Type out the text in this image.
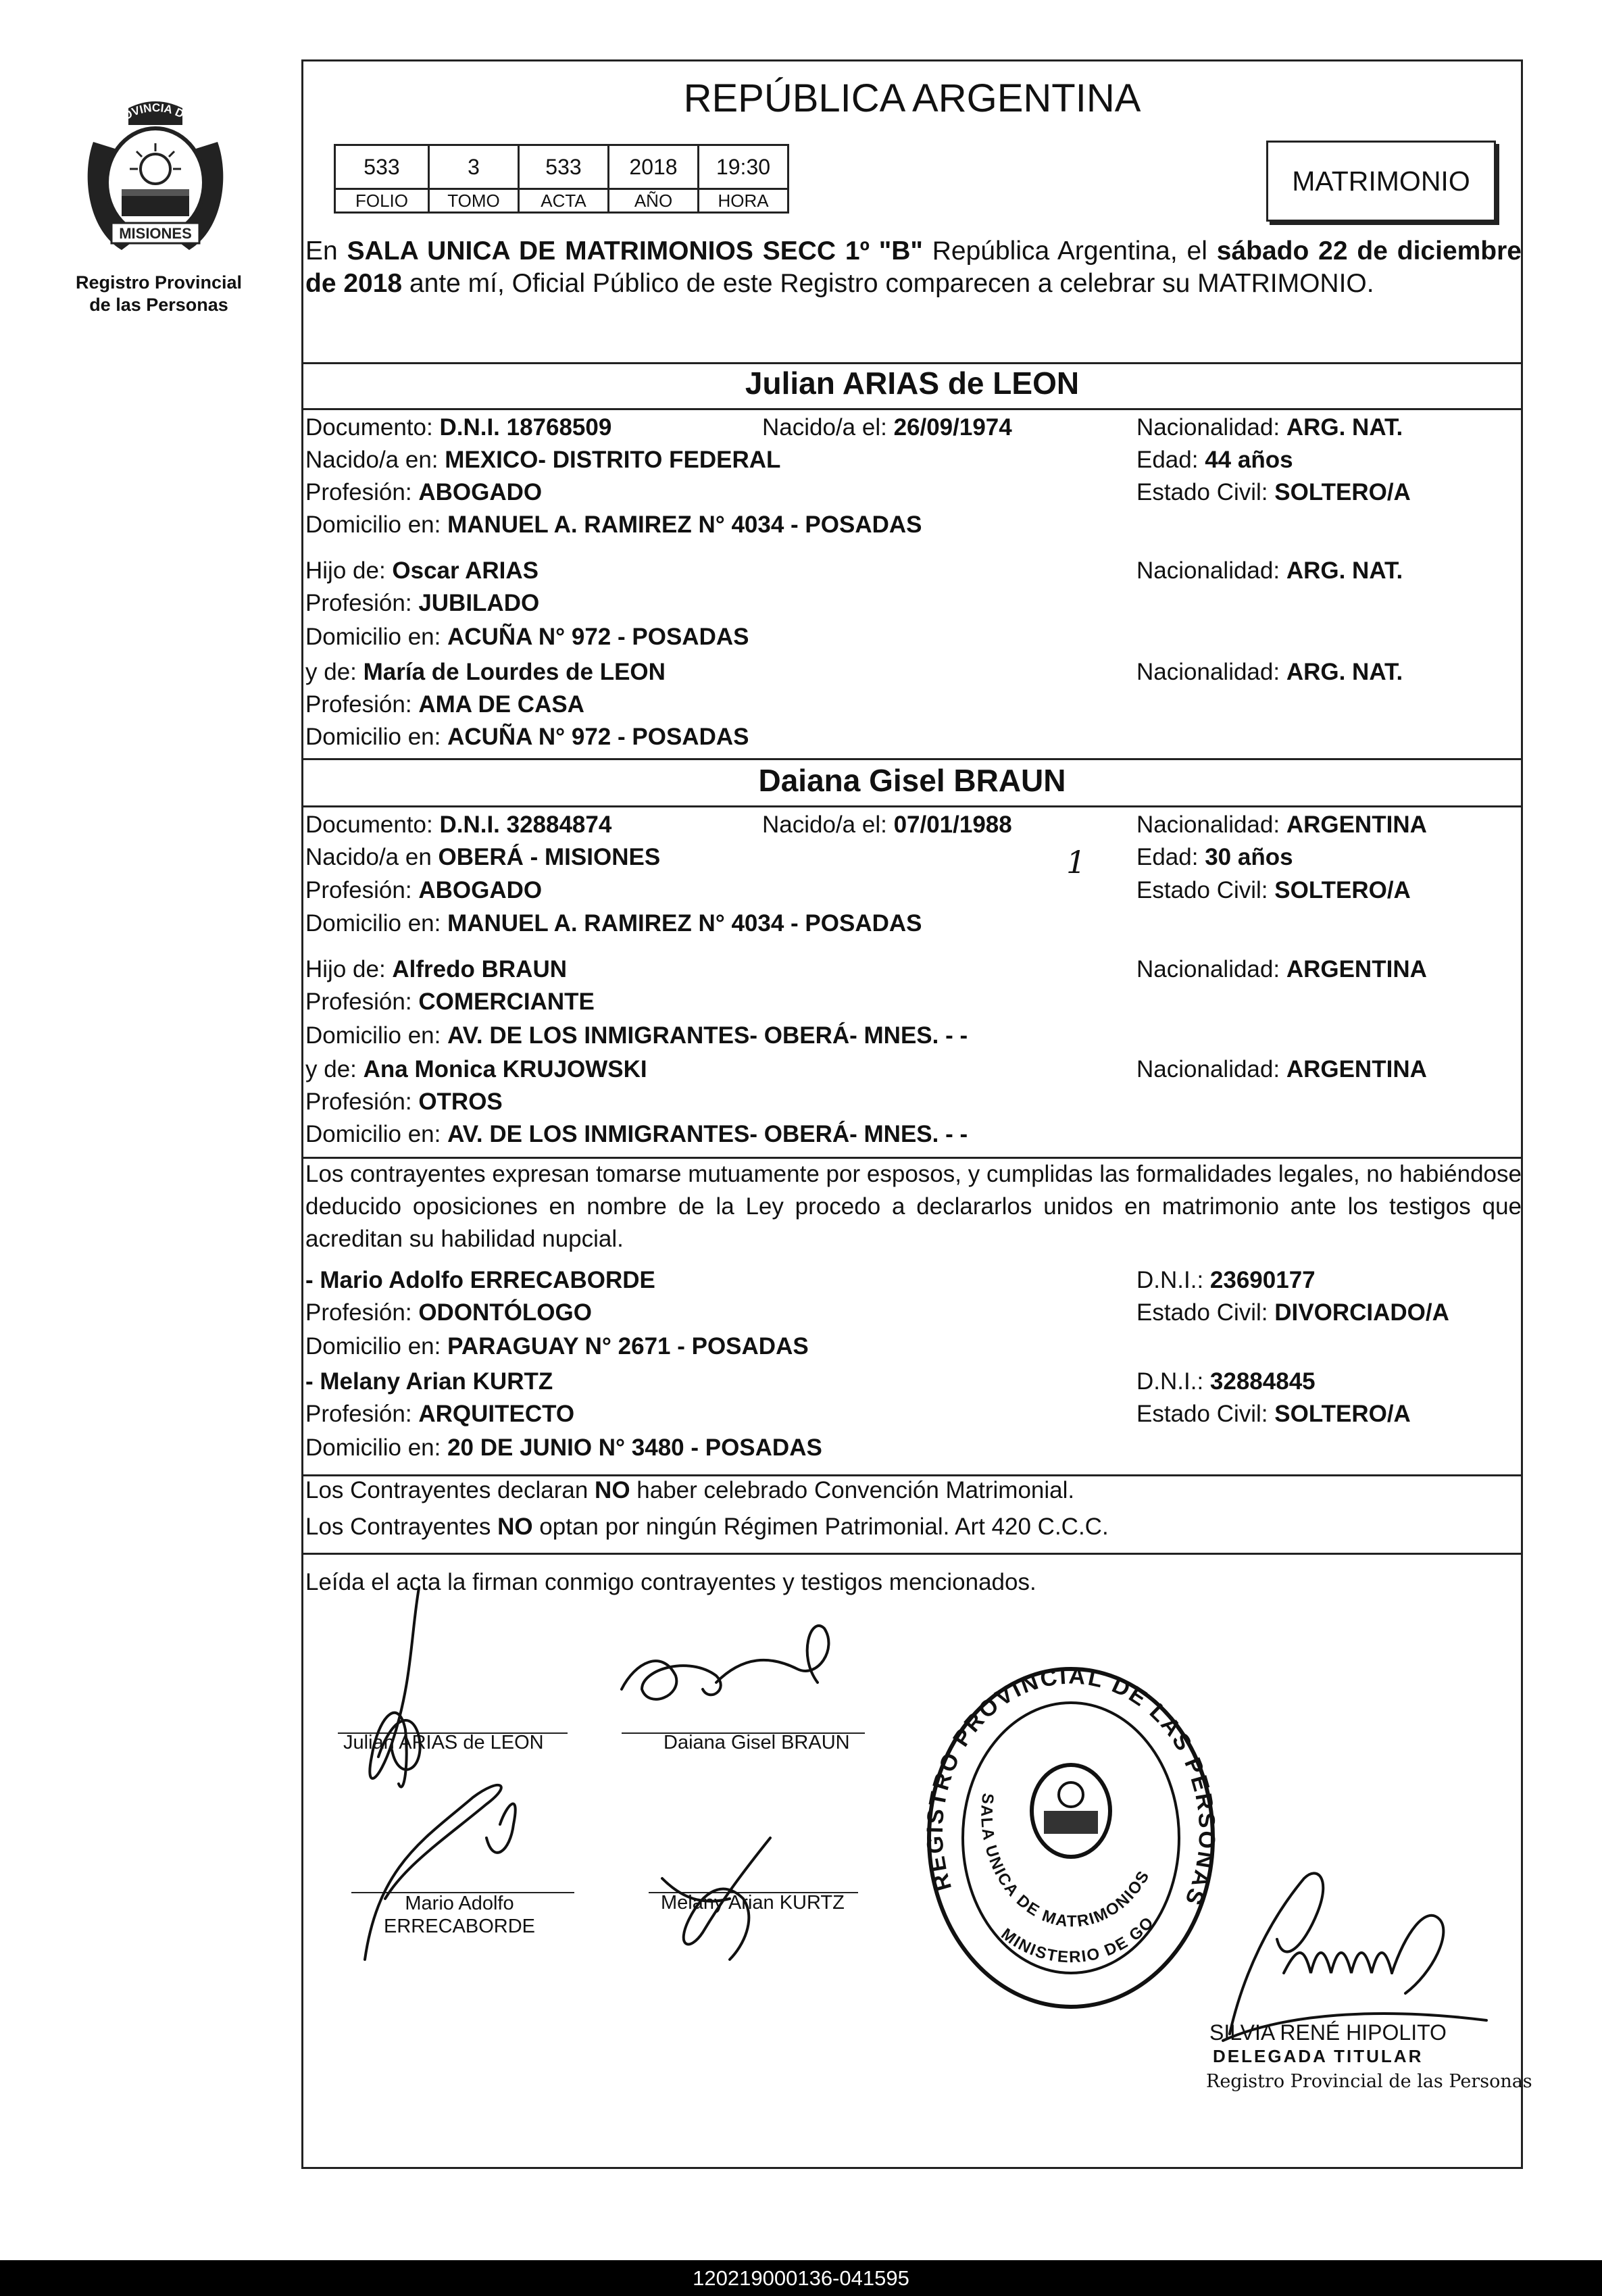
PROVINCIA DE
MISIONES
Registro Provincial
de las Personas
REPÚBLICA ARGENTINA
533	3	533	2018	19:30
FOLIO	TOMO	ACTA	AÑO	HORA
MATRIMONIO
En SALA UNICA DE MATRIMONIOS SECC 1º "B" República Argentina, el sábado 22 de diciembre de 2018 ante mí, Oficial Público de este Registro comparecen a celebrar su MATRIMONIO.
Julian ARIAS de LEON
Documento: D.N.I. 18768509	Nacido/a el: 26/09/1974	Nacionalidad: ARG. NAT.
Nacido/a en: MEXICO- DISTRITO FEDERAL	Edad: 44 años
Profesión: ABOGADO	Estado Civil: SOLTERO/A
Domicilio en: MANUEL A. RAMIREZ N° 4034 - POSADAS
Hijo de: Oscar ARIAS	Nacionalidad: ARG. NAT.
Profesión: JUBILADO
Domicilio en: ACUÑA N° 972 - POSADAS
y de: María de Lourdes de LEON	Nacionalidad: ARG. NAT.
Profesión: AMA DE CASA
Domicilio en: ACUÑA N° 972 - POSADAS
Daiana Gisel BRAUN
Documento: D.N.I. 32884874	Nacido/a el: 07/01/1988	Nacionalidad: ARGENTINA
Nacido/a en OBERÁ - MISIONES	1 Edad: 30 años
Profesión: ABOGADO	Estado Civil: SOLTERO/A
Domicilio en: MANUEL A. RAMIREZ N° 4034 - POSADAS
Hijo de: Alfredo BRAUN	Nacionalidad: ARGENTINA
Profesión: COMERCIANTE
Domicilio en: AV. DE LOS INMIGRANTES- OBERÁ- MNES. - -
y de: Ana Monica KRUJOWSKI	Nacionalidad: ARGENTINA
Profesión: OTROS
Domicilio en: AV. DE LOS INMIGRANTES- OBERÁ- MNES. - -
Los contrayentes expresan tomarse mutuamente por esposos, y cumplidas las formalidades legales, no habiéndose deducido oposiciones en nombre de la Ley procedo a declararlos unidos en matrimonio ante los testigos que acreditan su habilidad nupcial.
- Mario Adolfo ERRECABORDE	D.N.I.: 23690177
Profesión: ODONTÓLOGO	Estado Civil: DIVORCIADO/A
Domicilio en: PARAGUAY N° 2671 - POSADAS
- Melany Arian KURTZ	D.N.I.: 32884845
Profesión: ARQUITECTO	Estado Civil: SOLTERO/A
Domicilio en: 20 DE JUNIO N° 3480 - POSADAS
Los Contrayentes declaran NO haber celebrado Convención Matrimonial.
Los Contrayentes NO optan por ningún Régimen Patrimonial. Art 420 C.C.C.
Leída el acta la firman conmigo contrayentes y testigos mencionados.
Julian ARIAS de LEON	Daiana Gisel BRAUN
Mario Adolfo
ERRECABORDE
Melany Arian KURTZ
REGISTRO PROVINCIAL DE LAS PERSONAS
SALA UNICA DE MATRIMONIOS
MINISTERIO DE GOBIERNO
SILVIA RENÉ HIPOLITO
DELEGADA TITULAR
Registro Provincial de las Personas
120219000136-041595
